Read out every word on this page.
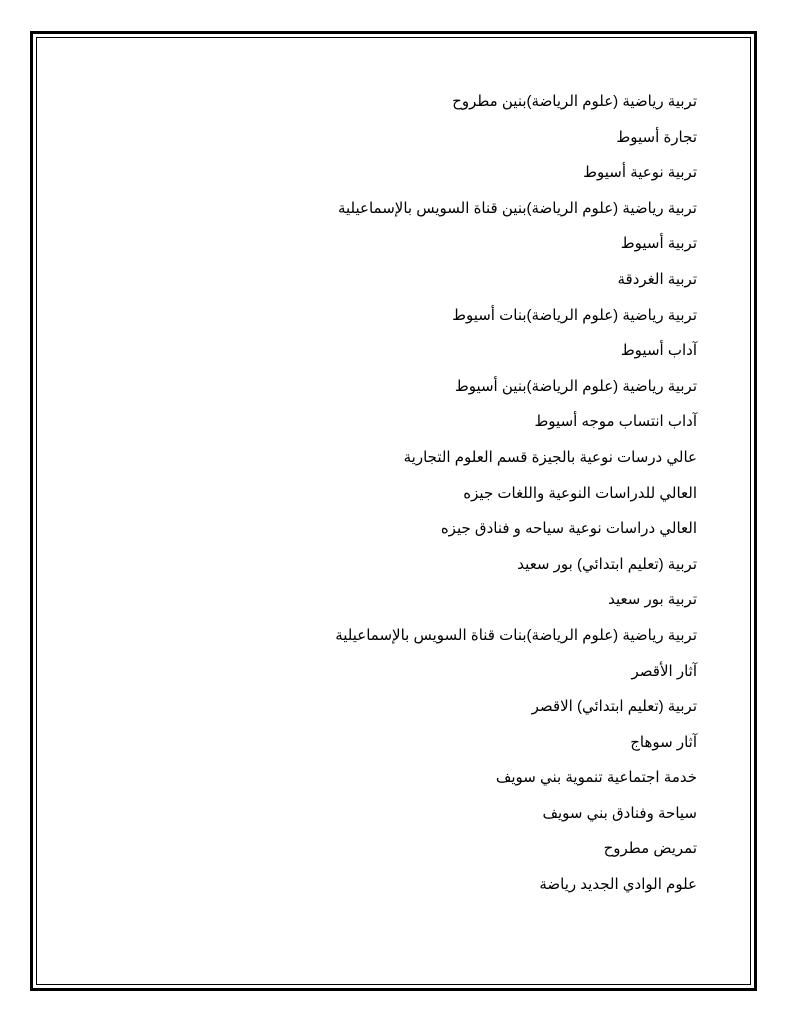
تربية رياضية (علوم الرياضة)بنين مطروح
تجارة أسيوط
تربية نوعية أسيوط
تربية رياضية (علوم الرياضة)بنين قناة السويس بالإسماعيلية
تربية أسيوط
تربية الغردقة
تربية رياضية (علوم الرياضة)بنات أسيوط
آداب أسيوط
تربية رياضية (علوم الرياضة)بنين أسيوط
آداب انتساب موجه أسيوط
عالي درسات نوعية بالجيزة قسم العلوم التجارية
العالي للدراسات النوعية واللغات جيزه
العالي دراسات نوعية سياحه و فنادق جيزه
تربية (تعليم ابتدائي) بور سعيد
تربية بور سعيد
تربية رياضية (علوم الرياضة)بنات قناة السويس بالإسماعيلية
آثار الأقصر
تربية (تعليم ابتدائي) الاقصر
آثار سوهاج
خدمة اجتماعية تنموية بني سويف
سياحة وفنادق بني سويف
تمريض مطروح
علوم الوادي الجديد رياضة
